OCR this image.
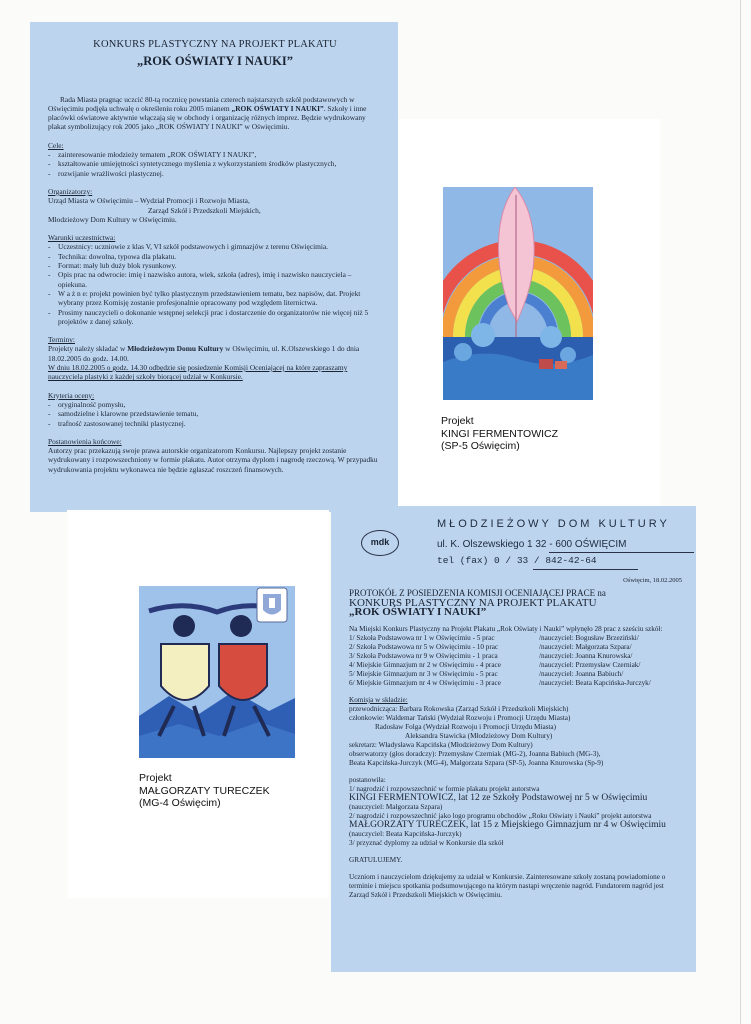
Projekt
KINGI FERMENTOWICZ
(SP-5 Oświęcim)
KONKURS PLASTYCZNY NA PROJEKT PLAKATU
„ROK OŚWIATY I NAUKI”
Rada Miasta pragnąc uczcić 80-tą rocznicę powstania czterech najstarszych szkół podstawowych w Oświęcimiu podjęła uchwałę o określeniu roku 2005 mianem „ROK OŚWIATY I NAUKI”. Szkoły i inne placówki oświatowe aktywnie włączają się w obchody i organizację różnych imprez. Będzie wydrukowany plakat symbolizujący rok 2005 jako „ROK OŚWIATY I NAUKI” w Oświęcimiu.
Cele:
- zainteresowanie młodzieży tematem „ROK OŚWIATY I NAUKI”,
- kształtowanie umiejętności syntetycznego myślenia z wykorzystaniem środków plastycznych,
- rozwijanie wrażliwości plastycznej.
Organizatorzy:
Urząd Miasta w Oświęcimiu – Wydział Promocji i Rozwoju Miasta,
Zarząd Szkół i Przedszkoli Miejskich,
Młodzieżowy Dom Kultury w Oświęcimiu.
Warunki uczestnictwa:
- Uczestnicy: uczniowie z klas V, VI szkół podstawowych i gimnazjów z terenu Oświęcimia.
- Technika: dowolna, typowa dla plakatu.
- Format: mały lub duży blok rysunkowy.
- Opis prac na odwrocie: imię i nazwisko autora, wiek, szkoła (adres), imię i nazwisko nauczyciela – opiekuna.
- W a ż n e: projekt powinien być tylko plastycznym przedstawieniem tematu, bez napisów, dat. Projekt wybrany przez Komisję zostanie profesjonalnie opracowany pod względem liternictwa.
- Prosimy nauczycieli o dokonanie wstępnej selekcji prac i dostarczenie do organizatorów nie więcej niż 5 projektów z danej szkoły.
Terminy:
Projekty należy składać w Młodzieżowym Domu Kultury w Oświęcimiu, ul. K.Olszewskiego 1 do dnia 18.02.2005 do godz. 14.00.
W dniu 18.02.2005 o godz. 14.30 odbędzie się posiedzenie Komisji Oceniającej na które zapraszamy nauczyciela plastyki z każdej szkoły biorącej udział w Konkursie.
Kryteria oceny:
- oryginalność pomysłu,
- samodzielne i klarowne przedstawienie tematu,
- trafność zastosowanej techniki plastycznej.
Postanowienia końcowe:
Autorzy prac przekazują swoje prawa autorskie organizatorom Konkursu. Najlepszy projekt zostanie wydrukowany i rozpowszechniony w formie plakatu. Autor otrzyma dyplom i nagrodę rzeczową. W przypadku wydrukowania projektu wykonawca nie będzie zgłaszać roszczeń finansowych.
Projekt
MAŁGORZATY TURECZEK
(MG-4 Oświęcim)
mdk
MŁODZIEŻOWY DOM KULTURY
ul. K. Olszewskiego 1 32 - 600 OŚWIĘCIM
tel (fax) 0 / 33 / 842-42-64
Oświęcim, 18.02.2005
PROTOKÓŁ Z POSIEDZENIA KOMISJI OCENIAJĄCEJ PRACE na
KONKURS PLASTYCZNY NA PROJEKT PLAKATU
„ROK OŚWIATY I NAUKI”
Na Miejski Konkurs Plastyczny na Projekt Plakatu „Rok Oświaty i Nauki” wpłynęło 28 prac z sześciu szkół:
1/ Szkoła Podstawowa nr 1 w Oświęcimiu - 5 prac	/nauczyciel: Bogusław Brzeziński/
2/ Szkoła Podstawowa nr 5 w Oświęcimiu - 10 prac	/nauczyciel: Małgorzata Szpara/
3/ Szkoła Podstawowa nr 9 w Oświęcimiu - 1 praca	/nauczyciel: Joanna Knurowska/
4/ Miejskie Gimnazjum nr 2 w Oświęcimiu - 4 prace	/nauczyciel: Przemysław Czerniak/
5/ Miejskie Gimnazjum nr 3 w Oświęcimiu - 5 prac	/nauczyciel: Joanna Babiuch/
6/ Miejskie Gimnazjum nr 4 w Oświęcimiu - 3 prace	/nauczyciel: Beata Kapcińska-Jurczyk/
Komisja w składzie:
przewodnicząca: Barbara Rokowska (Zarząd Szkół i Przedszkoli Miejskich)
członkowie: Waldemar Tański (Wydział Rozwoju i Promocji Urzędu Miasta)
Radosław Folga (Wydział Rozwoju i Promocji Urzędu Miasta)
Aleksandra Stawicka (Młodzieżowy Dom Kultury)
sekretarz: Władysława Kapcińska (Młodzieżowy Dom Kultury)
obserwatorzy (głos doradczy): Przemysław Czerniak (MG-2), Joanna Babiuch (MG-3),
Beata Kapcińska-Jurczyk (MG-4), Małgorzata Szpara (SP-5), Joanna Knurowska (Sp-9)
postanowiła:
1/ nagrodzić i rozpowszechnić w formie plakatu projekt autorstwa
KINGI FERMENTOWICZ, lat 12 ze Szkoły Podstawowej nr 5 w Oświęcimiu
(nauczyciel: Małgorzata Szpara)
2/ nagrodzić i rozpowszechnić jako logo programu obchodów „Roku Oświaty i Nauki” projekt autorstwa
MAŁGORZATY TURECZEK, lat 15 z Miejskiego Gimnazjum nr 4 w Oświęcimiu
(nauczyciel: Beata Kapcińska-Jurczyk)
3/ przyznać dyplomy za udział w Konkursie dla szkół
GRATULUJEMY.
Uczniom i nauczycielom dziękujemy za udział w Konkursie. Zainteresowane szkoły zostaną powiadomione o terminie i miejscu spotkania podsumowującego na którym nastąpi wręczenie nagród. Fundatorem nagród jest Zarząd Szkół i Przedszkoli Miejskich w Oświęcimiu.
